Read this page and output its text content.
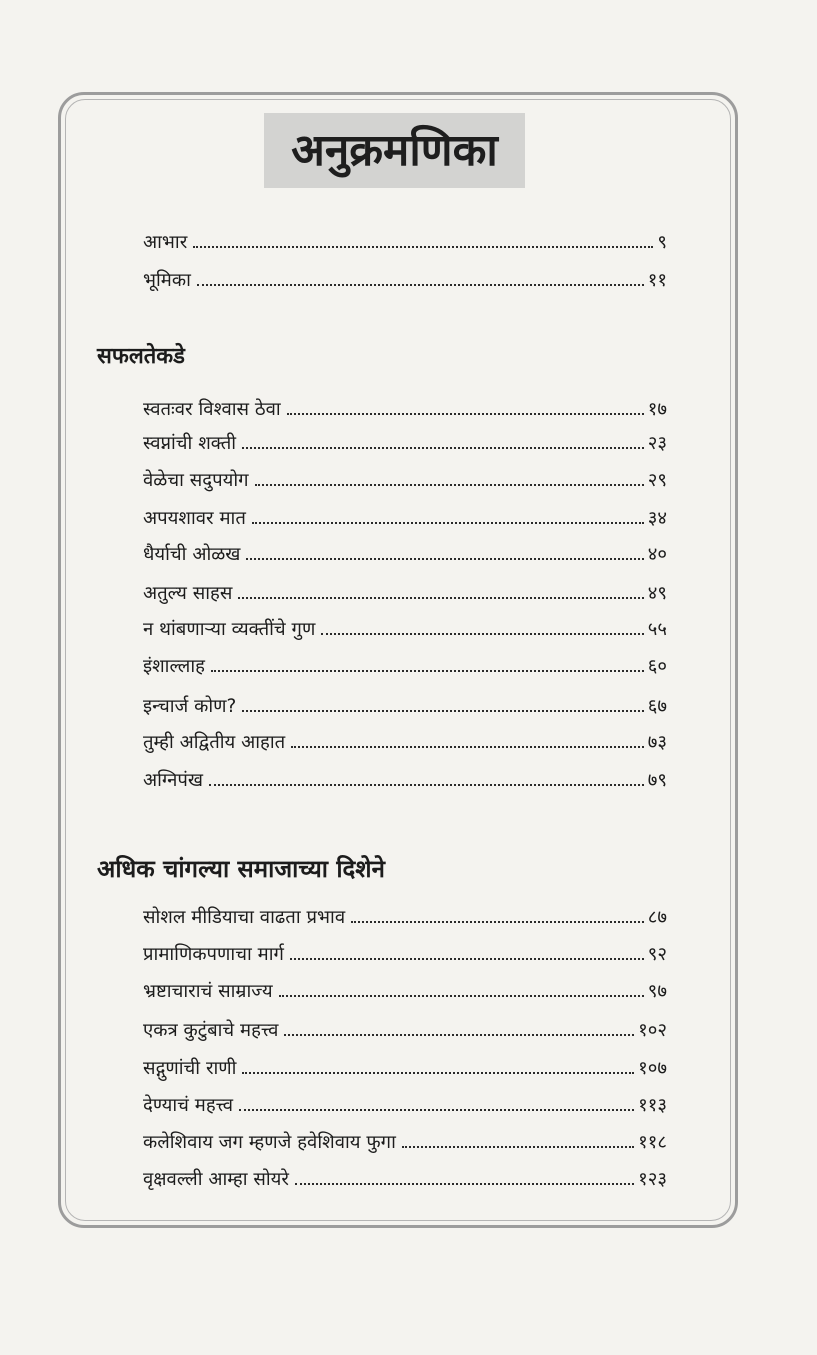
अनुक्रमणिका
आभार	९
भूमिका	११
सफलतेकडे
स्वतःवर विश्वास ठेवा	१७
स्वप्नांची शक्ती	२३
वेळेचा सदुपयोग	२९
अपयशावर मात	३४
धैर्याची ओळख	४०
अतुल्य साहस	४९
न थांबणाऱ्या व्यक्तींचे गुण	५५
इंशाल्लाह	६०
इन्चार्ज कोण?	६७
तुम्ही अद्वितीय आहात	७३
अग्निपंख	७९
अधिक चांगल्या समाजाच्या दिशेने
सोशल मीडियाचा वाढता प्रभाव	८७
प्रामाणिकपणाचा मार्ग	९२
भ्रष्टाचाराचं साम्राज्य	९७
एकत्र कुटुंबाचे महत्त्व	१०२
सद्गुणांची राणी	१०७
देण्याचं महत्त्व	११३
कलेशिवाय जग म्हणजे हवेशिवाय फुगा	११८
वृक्षवल्ली आम्हा सोयरे	१२३
